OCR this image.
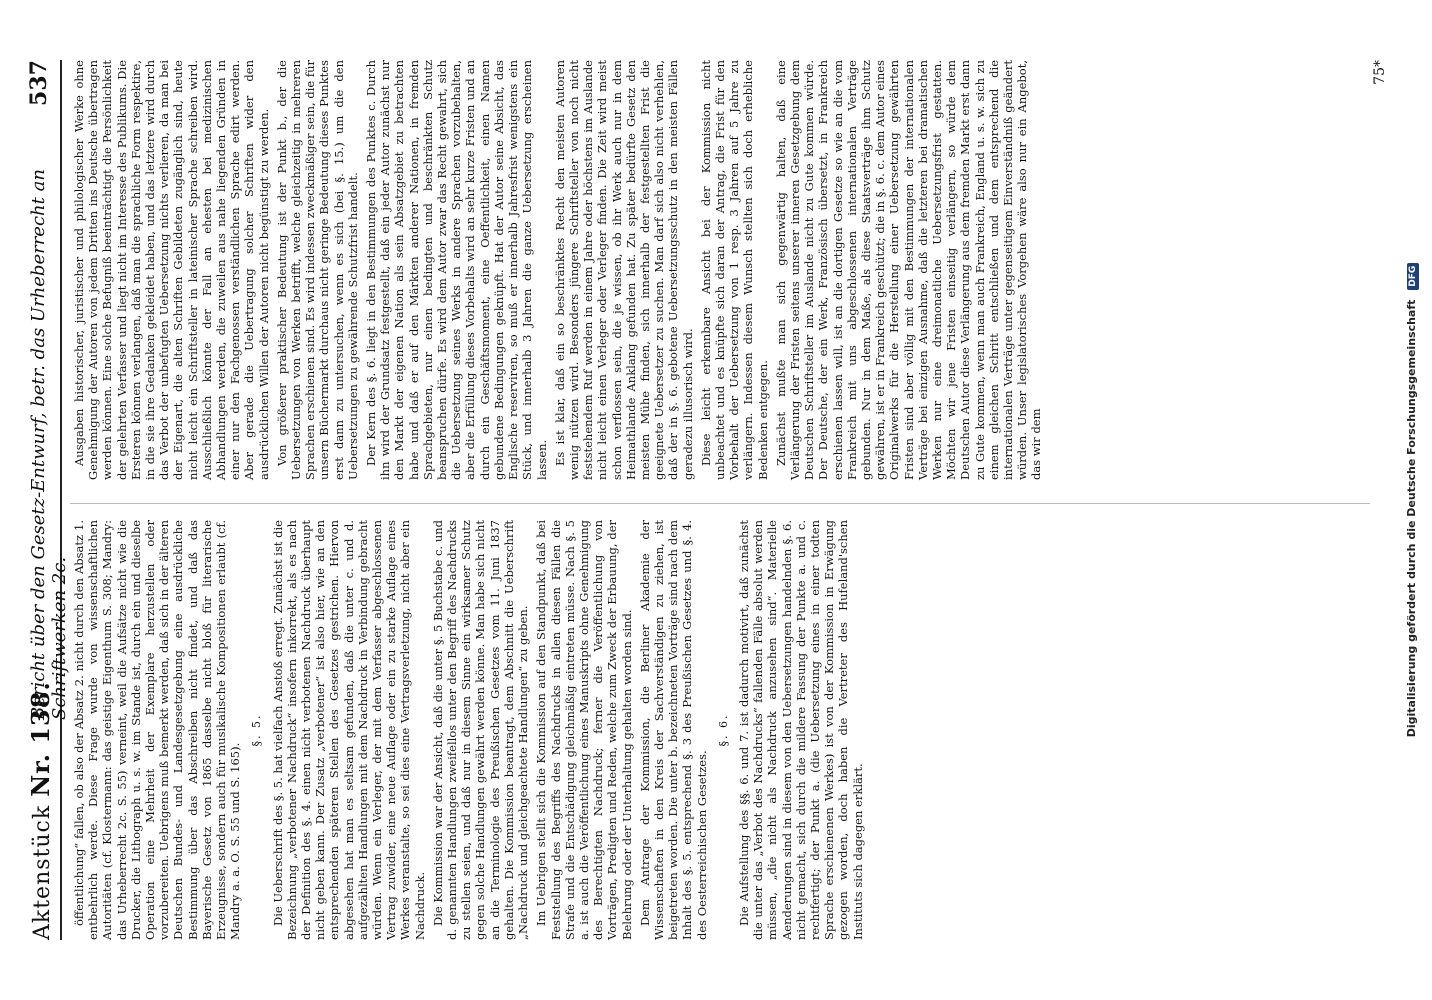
Aktenstück Nr. 138.
Bericht über den Gesetz-Entwurf, betr. das Urheberrecht an Schriftwerken 2c.
537

öffentlichung“ fallen, ob also der Absatz 2. nicht durch den Absatz 1. entbehrlich werde. Diese Frage wurde von wissenschaftlichen Autoritäten (cf. Klostermann: das geistige Eigenthum S. 308; Mandry: das Urheberrecht 2c. S. 55) verneint, weil die Aufsätze nicht wie die Drucker, die Lithograph u. s. w. im Stande ist, durch ein und dieselbe Operation eine Mehrheit der Exemplare herzustellen oder vorzubereiten. Uebrigens muß bemerkt werden, daß sich in der älteren Deutschen Bundes- und Landesgesetzgebung eine ausdrückliche Bestimmung über das Abschreiben nicht findet, und daß das Bayerische Gesetz von 1865 dasselbe nicht bloß für literarische Erzeugnisse, sondern auch für musikalische Kompositionen erlaubt (cf. Mandry a. a. O. S. 55 und S. 165).

§. 5. Die Ueberschrift des §. 5. hat vielfach Anstoß erregt. Zunächst ist die Bezeichnung „verbotener Nachdruck“ insofern inkorrekt, als es nach der Definition des §. 4. einen nicht verbotenen Nachdruck überhaupt nicht geben kann. Der Zusatz „verbotener“ ist also hier, wie an den entsprechenden späteren Stellen des Gesetzes gestrichen. Hiervon abgesehen hat man es seltsam gefunden, daß die unter c. und d. aufgezählten Handlungen mit dem Nachdruck in Verbindung gebracht würden. Wenn ein Verleger, der mit dem Verfasser abgeschlossenen Vertrag zuwider, eine neue Auflage oder ein zu starke Auflage eines Werkes veranstalte, so sei dies eine Vertragsverletzung, nicht aber ein Nachdruck. Die Kommission war der Ansicht, daß die unter §. 5 Buchstabe c. und d. genannten Handlungen zweifellos unter den Begriff des Nachdrucks zu stellen seien, und daß nur in diesem Sinne ein wirksamer Schutz gegen solche Handlungen gewährt werden könne. Man habe sich nicht an die Terminologie des Preußischen Gesetzes vom 11. Juni 1837 gehalten. Die Kommission beantragt, dem Abschnitt die Ueberschrift „Nachdruck und gleichgeachtete Handlungen“ zu geben. Im Uebrigen stellt sich die Kommission auf den Standpunkt, daß bei Feststellung des Begriffs des Nachdrucks in allen diesen Fällen die Strafe und die Entschädigung gleichmäßig eintreten müsse. Nach §. 5 a. ist auch die Veröffentlichung eines Manuskripts ohne Genehmigung des Berechtigten Nachdruck; ferner die Veröffentlichung von Vorträgen, Predigten und Reden, welche zum Zweck der Erbauung, der Belehrung oder der Unterhaltung gehalten worden sind. Dem Antrage der Kommission, die Berliner Akademie der Wissenschaften in den Kreis der Sachverständigen zu ziehen, ist beigetreten worden. Die unter b. bezeichneten Vorträge sind nach dem Inhalt des §. 5. entsprechend §. 3 des Preußischen Gesetzes und §. 4. des Oesterreichischen Gesetzes.

§. 6. Die Aufstellung des §§. 6. und 7. ist dadurch motivirt, daß zunächst die unter das „Verbot des Nachdrucks“ fallenden Fälle absolut werden müssen, „die nicht als Nachdruck anzusehen sind“. Materielle Aenderungen sind in diesem von den Uebersetzungen handelnden §. 6. nicht gemacht, sich durch die mildere Fassung der Punkte a. und c. rechtfertigt; der Punkt a. (die Uebersetzung eines in einer todten Sprache erschienenen Werkes) ist von der Kommission in Erwägung gezogen worden, doch haben die Vertreter des Hufeland'schen Instituts sich dagegen erklärt.

Ausgaben historischer, juristischer und philologischer Werke ohne Genehmigung der Autoren von jedem Dritten ins Deutsche übertragen werden können. Eine solche Befugniß beeinträchtigt die Persönlichkeit der gelehrten Verfasser und liegt nicht im Interesse des Publikums. Die Ersteren können verlangen, daß man die sprachliche Form respektire, in die sie ihre Gedanken gekleidet haben, und das letztere wird durch das Verbot der unbefugten Uebersetzung nichts verlieren, da man bei der Eigenart, die alten Schriften Gebildeten zugänglich sind, heute nicht leicht ein Schriftsteller in lateinischer Sprache schreiben wird. Ausschließlich könnte der Fall an ehesten bei medizinischen Abhandlungen werden, die zuweilen aus nahe liegenden Gründen in einer nur den Fachgenossen verständlichen Sprache edirt werden. Aber gerade die Uebertragung solcher Schriften wider den ausdrücklichen Willen der Autoren nicht begünstigt zu werden. Von größerer praktischer Bedeutung ist der Punkt b., der die Uebersetzungen von Werken betrifft, welche gleichzeitig in mehreren Sprachen erschienen sind. Es wird indessen zweckmäßiger sein, die für unsern Büchermarkt durchaus nicht geringe Bedeutung dieses Punktes erst dann zu untersuchen, wenn es sich (bei §. 15.) um die den Uebersetzungen zu gewährende Schutzfrist handelt. Der Kern des §. 6. liegt in den Bestimmungen des Punktes c. Durch ihn wird der Grundsatz festgestellt, daß ein jeder Autor zunächst nur den Markt der eigenen Nation als sein Absatzgebiet zu betrachten habe und daß er auf den Märkten anderer Nationen, in fremden Sprachgebieten, nur einen bedingten und beschränkten Schutz beanspruchen dürfe. Es wird dem Autor zwar das Recht gewahrt, sich die Uebersetzung seines Werks in andere Sprachen vorzubehalten, aber die Erfüllung dieses Vorbehalts wird an sehr kurze Fristen und an durch ein Geschäftsmoment, eine Oeffentlichkeit, einen Namen gebundene Bedingungen geknüpft. Hat der Autor seine Absicht, das Englische reserviren, so muß er innerhalb Jahresfrist wenigstens ein Stück, und innerhalb 3 Jahren die ganze Uebersetzung erscheinen lassen. Es ist klar, daß ein so beschränktes Recht den meisten Autoren wenig nützen wird. Besonders jüngere Schriftsteller von noch nicht feststehendem Ruf werden in einem Jahre oder höchstens im Auslande nicht leicht einen Verleger oder Verleger finden. Die Zeit wird meist schon verflossen sein, die je wissen, ob ihr Werk auch nur in dem Heimathlande Anklang gefunden hat. Zu später bedürfte Gesetz den meisten Mühe finden, sich innerhalb der festgestellten Frist die geeignete Uebersetzer zu suchen. Man darf sich also nicht verhehlen, daß der in §. 6. gebotene Uebersetzungsschutz in den meisten Fällen geradezu illusorisch wird. Diese leicht erkennbare Ansicht bei der Kommission nicht unbeachtet und es knüpfte sich daran der Antrag, die Frist für den Vorbehalt der Uebersetzung von 1 resp. 3 Jahren auf 5 Jahre zu verlängern. Indessen diesem Wunsch stellten sich doch erhebliche Bedenken entgegen. Zunächst mußte man sich gegenwärtig halten, daß eine Verlängerung der Fristen seitens unserer inneren Gesetzgebung dem Deutschen Schriftsteller im Auslande nicht zu Gute kommen würde. Der Deutsche, der ein Werk, Französisch übersetzt, in Frankreich erschienen lassen will, ist an die dortigen Gesetze so wie an die vom Frankreich mit uns abgeschlossenen internationalen Verträge gebunden. Nur in dem Maße, als diese Staatsverträge ihm Schutz gewähren, ist er in Frankreich geschützt; die in §. 6. c. dem Autor eines Originalwerks für die Herstellung einer Uebersetzung gewährten Fristen sind aber völlig mit den Bestimmungen der internationalen Verträge bei einzigen Ausnahme, daß die letzteren bei dramatischen Werken nur eine dreimonatliche Uebersetzungsfrist gestatten. Möchten wir jene Fristen einseitig verlängern, so würde dem Deutschen Autor diese Verlängerung aus dem fremden Markt erst dann zu Gute kommen, wenn man auch Frankreich, England u. s. w. sich zu einem gleichen Schritt entschließen und dem entsprechend die internationalen Verträge unter gegenseitigem Einverständniß geändert würden. Unser legislatorisches Vorgehen wäre also nur ein Angebot, das wir dem

75*
Digitalisierung gefördert durch die Deutsche Forschungsgemeinschaft DFG
